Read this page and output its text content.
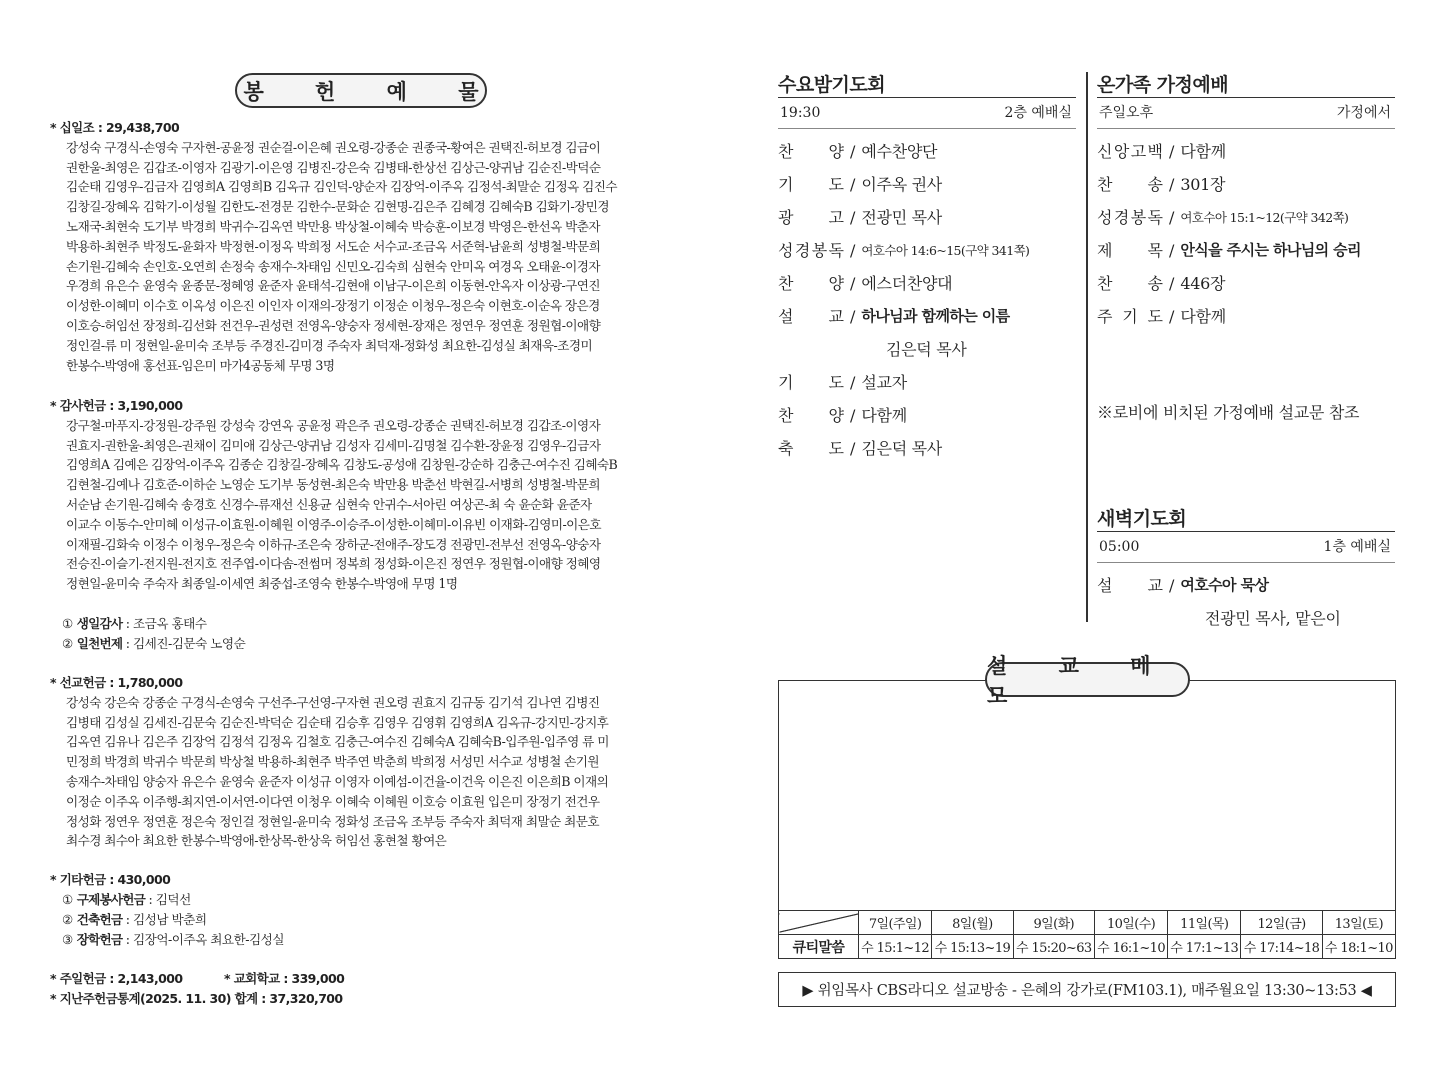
봉 헌 예 물
* 십일조 : 29,438,700
강성숙 구경식-손영숙 구자현-공윤정 권순걸-이은혜 권오령-강종순 권종국-황여은 권택진-허보경 김금이
권한울-최영은 김갑조-이영자 김광기-이은영 김병진-강은숙 김병태-한상선 김상근-양귀남 김순진-박덕순
김순태 김영우-김금자 김영희A 김영희B 김옥규 김인덕-양순자 김장억-이주옥 김정석-최말순 김정옥 김진수
김창길-장혜옥 김학기-이성월 김한도-전경문 김한수-문화순 김현명-김은주 김혜경 김혜숙B 김화기-장민경
노재국-최현숙 도기부 박경희 박귀수-김옥연 박만용 박상철-이혜숙 박승훈-이보경 박영은-한선옥 박춘자
박용하-최현주 박정도-윤화자 박정현-이정옥 박희정 서도순 서수교-조금옥 서준혁-남윤희 성병철-박문희
손기원-김혜숙 손인호-오연희 손정숙 송재수-차태임 신민오-김숙희 심현숙 안미옥 여경옥 오태윤-이경자
우경희 유은수 윤영숙 윤종문-정혜영 윤준자 윤태석-김현애 이남구-이은희 이동현-안옥자 이상광-구연진
이성한-이혜미 이수호 이옥성 이은진 이인자 이재의-장정기 이정순 이청우-정은숙 이현호-이순옥 장은경
이호승-허임선 장정희-김선화 전건우-권성련 전영옥-양숭자 정세현-장재은 정연우 정연훈 정원협-이애향
정인걸-류 미 정현일-윤미숙 조부등 주경진-김미경 주숙자 최덕재-정화성 최요한-김성실 최재욱-조경미
한봉수-박영애 홍선표-임은미 마가4공동체 무명 3명
* 감사헌금 : 3,190,000
강구철-마푸지-강정원-강주원 강성숙 강연옥 공윤정 곽은주 권오령-강종순 권택진-허보경 김갑조-이영자
권효지-권한울-최영은-권채이 김미애 김상근-양귀남 김성자 김세미-김명철 김수환-장윤정 김영우-김금자
김영희A 김예은 김장억-이주옥 김종순 김창길-장혜옥 김창도-공성애 김창원-강순하 김충근-여수진 김혜숙B
김현철-김예나 김호준-이하순 노영순 도기부 동성현-최은숙 박만용 박춘선 박현길-서병희 성병철-박문희
서순남 손기원-김혜숙 송경호 신경수-류재선 신용균 심현숙 안귀수-서아린 여상곤-최 숙 윤순화 윤준자
이교수 이동수-안미혜 이성규-이효원-이혜원 이영주-이승주-이성한-이혜미-이유빈 이재화-김영미-이은호
이재필-김화숙 이정수 이청우-정은숙 이하규-조은숙 장하군-전애주-장도경 전광민-전부선 전영옥-양숭자
전승진-이슬기-전지원-전지호 전주엽-이다솜-전썸머 정복희 정성화-이은진 정연우 정원협-이애향 정혜영
정현일-윤미숙 주숙자 최종일-이세연 최중섭-조영숙 한봉수-박영애 무명 1명
① 생일감사 : 조금옥 홍태수
② 일천번제 : 김세진-김문숙 노영순
* 선교헌금 : 1,780,000
강성숙 강은숙 강종순 구경식-손영숙 구선주-구선영-구자현 권오령 권효지 김규동 김기석 김나연 김병진
김병태 김성실 김세진-김문숙 김순진-박덕순 김순태 김승후 김영우 김영휘 김영희A 김옥규-강지민-강지후
김옥연 김유나 김은주 김장억 김정석 김정옥 김철호 김충근-여수진 김혜숙A 김혜숙B-입주원-입주영 류 미
민정희 박경희 박귀수 박문희 박상철 박용하-최현주 박주연 박춘희 박희정 서성민 서수교 성병철 손기원
송재수-차태임 양숭자 유은수 윤영숙 윤준자 이성규 이영자 이예섬-이건율-이건욱 이은진 이은희B 이재의
이정순 이주옥 이주행-최지연-이서연-이다연 이청우 이혜숙 이혜원 이호승 이효원 입은미 장정기 전건우
정성화 정연우 정연훈 정은숙 정인걸 정현일-윤미숙 정화성 조금옥 조부등 주숙자 최덕재 최말순 최문호
최수경 최수아 최요한 한봉수-박영애-한상목-한상욱 허임선 홍현철 황여은
* 기타헌금 : 430,000
① 구제봉사헌금 : 김덕선
② 건축헌금 : 김성남 박춘희
③ 장학헌금 : 김장억-이주옥 최요한-김성실
* 주일헌금 : 2,143,000	* 교회학교 : 339,000
* 지난주헌금통계(2025. 11. 30) 합계 : 37,320,700
수요밤기도회
19:30	2층 예배실
찬 양 / 예수찬양단
기 도 / 이주옥 권사
광 고 / 전광민 목사
성 경 봉 독 / 여호수아 14:6~15(구약 341쪽)
찬 양 / 에스더찬양대
설 교 / 하나님과 함께하는 이름
김은덕 목사
기 도 / 설교자
찬 양 / 다함께
축 도 / 김은덕 목사
온가족 가정예배
주일오후	가정에서
신 앙 고 백 / 다함께
찬 송 / 301장
성 경 봉 독 / 여호수아 15:1~12(구약 342쪽)
제 목 / 안식을 주시는 하나님의 승리
찬 송 / 446장
주 기 도 / 다함께
※로비에 비치된 가정예배 설교문 참조
새벽기도회
05:00	1층 예배실
설 교 / 여호수아 묵상
전광민 목사, 맡은이
설 교 메 모
	7일(주일)	8일(월)	9일(화)	10일(수)	11일(목)	12일(금)	13일(토)
큐티말씀	수 15:1~12	수 15:13~19	수 15:20~63	수 16:1~10	수 17:1~13	수 17:14~18	수 18:1~10
▶ 위임목사 CBS라디오 설교방송 - 은혜의 강가로(FM103.1), 매주월요일 13:30~13:53 ◀
